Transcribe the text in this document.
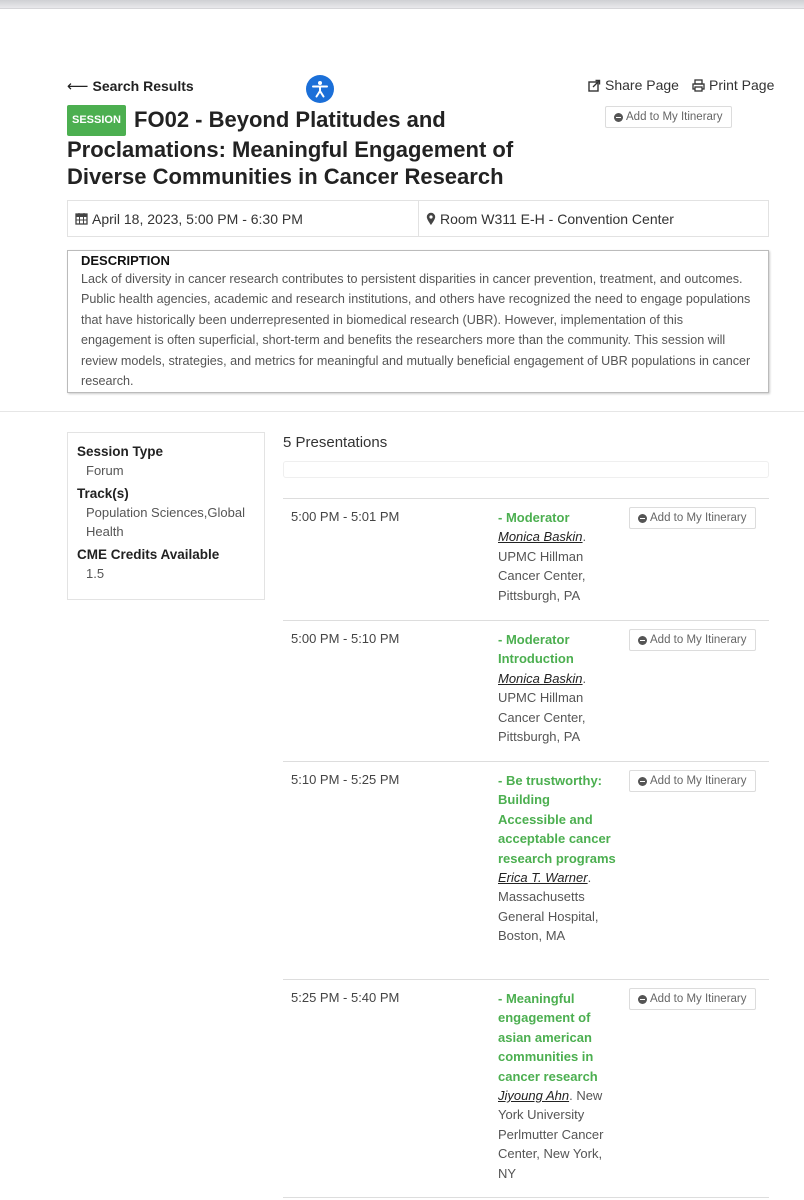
⟵ Search Results	Share Page Print Page
Add to My Itinerary
SESSION FO02 - Beyond Platitudes and Proclamations: Meaningful Engagement of Diverse Communities in Cancer Research
April 18, 2023, 5:00 PM - 6:30 PM	Room W311 E-H - Convention Center
DESCRIPTION

Lack of diversity in cancer research contributes to persistent disparities in cancer prevention, treatment, and outcomes. Public health agencies, academic and research institutions, and others have recognized the need to engage populations that have historically been underrepresented in biomedical research (UBR). However, implementation of this engagement is often superficial, short-term and benefits the researchers more than the community. This session will review models, strategies, and metrics for meaningful and mutually beneficial engagement of UBR populations in cancer research.

Session Type
Forum
Track(s)
Population Sciences,Global Health
CME Credits Available
1.5
5 Presentations
5:00 PM - 5:01 PM	- Moderator
Monica Baskin. UPMC Hillman Cancer Center, Pittsburgh, PA
Add to My Itinerary
5:00 PM - 5:10 PM	- Moderator Introduction
Monica Baskin. UPMC Hillman Cancer Center, Pittsburgh, PA
Add to My Itinerary
5:10 PM - 5:25 PM	- Be trustworthy: Building Accessible and acceptable cancer research programs
Erica T. Warner. Massachusetts General Hospital, Boston, MA
Add to My Itinerary
5:25 PM - 5:40 PM	- Meaningful engagement of asian american communities in cancer research
Jiyoung Ahn. New York University Perlmutter Cancer Center, New York, NY
Add to My Itinerary
